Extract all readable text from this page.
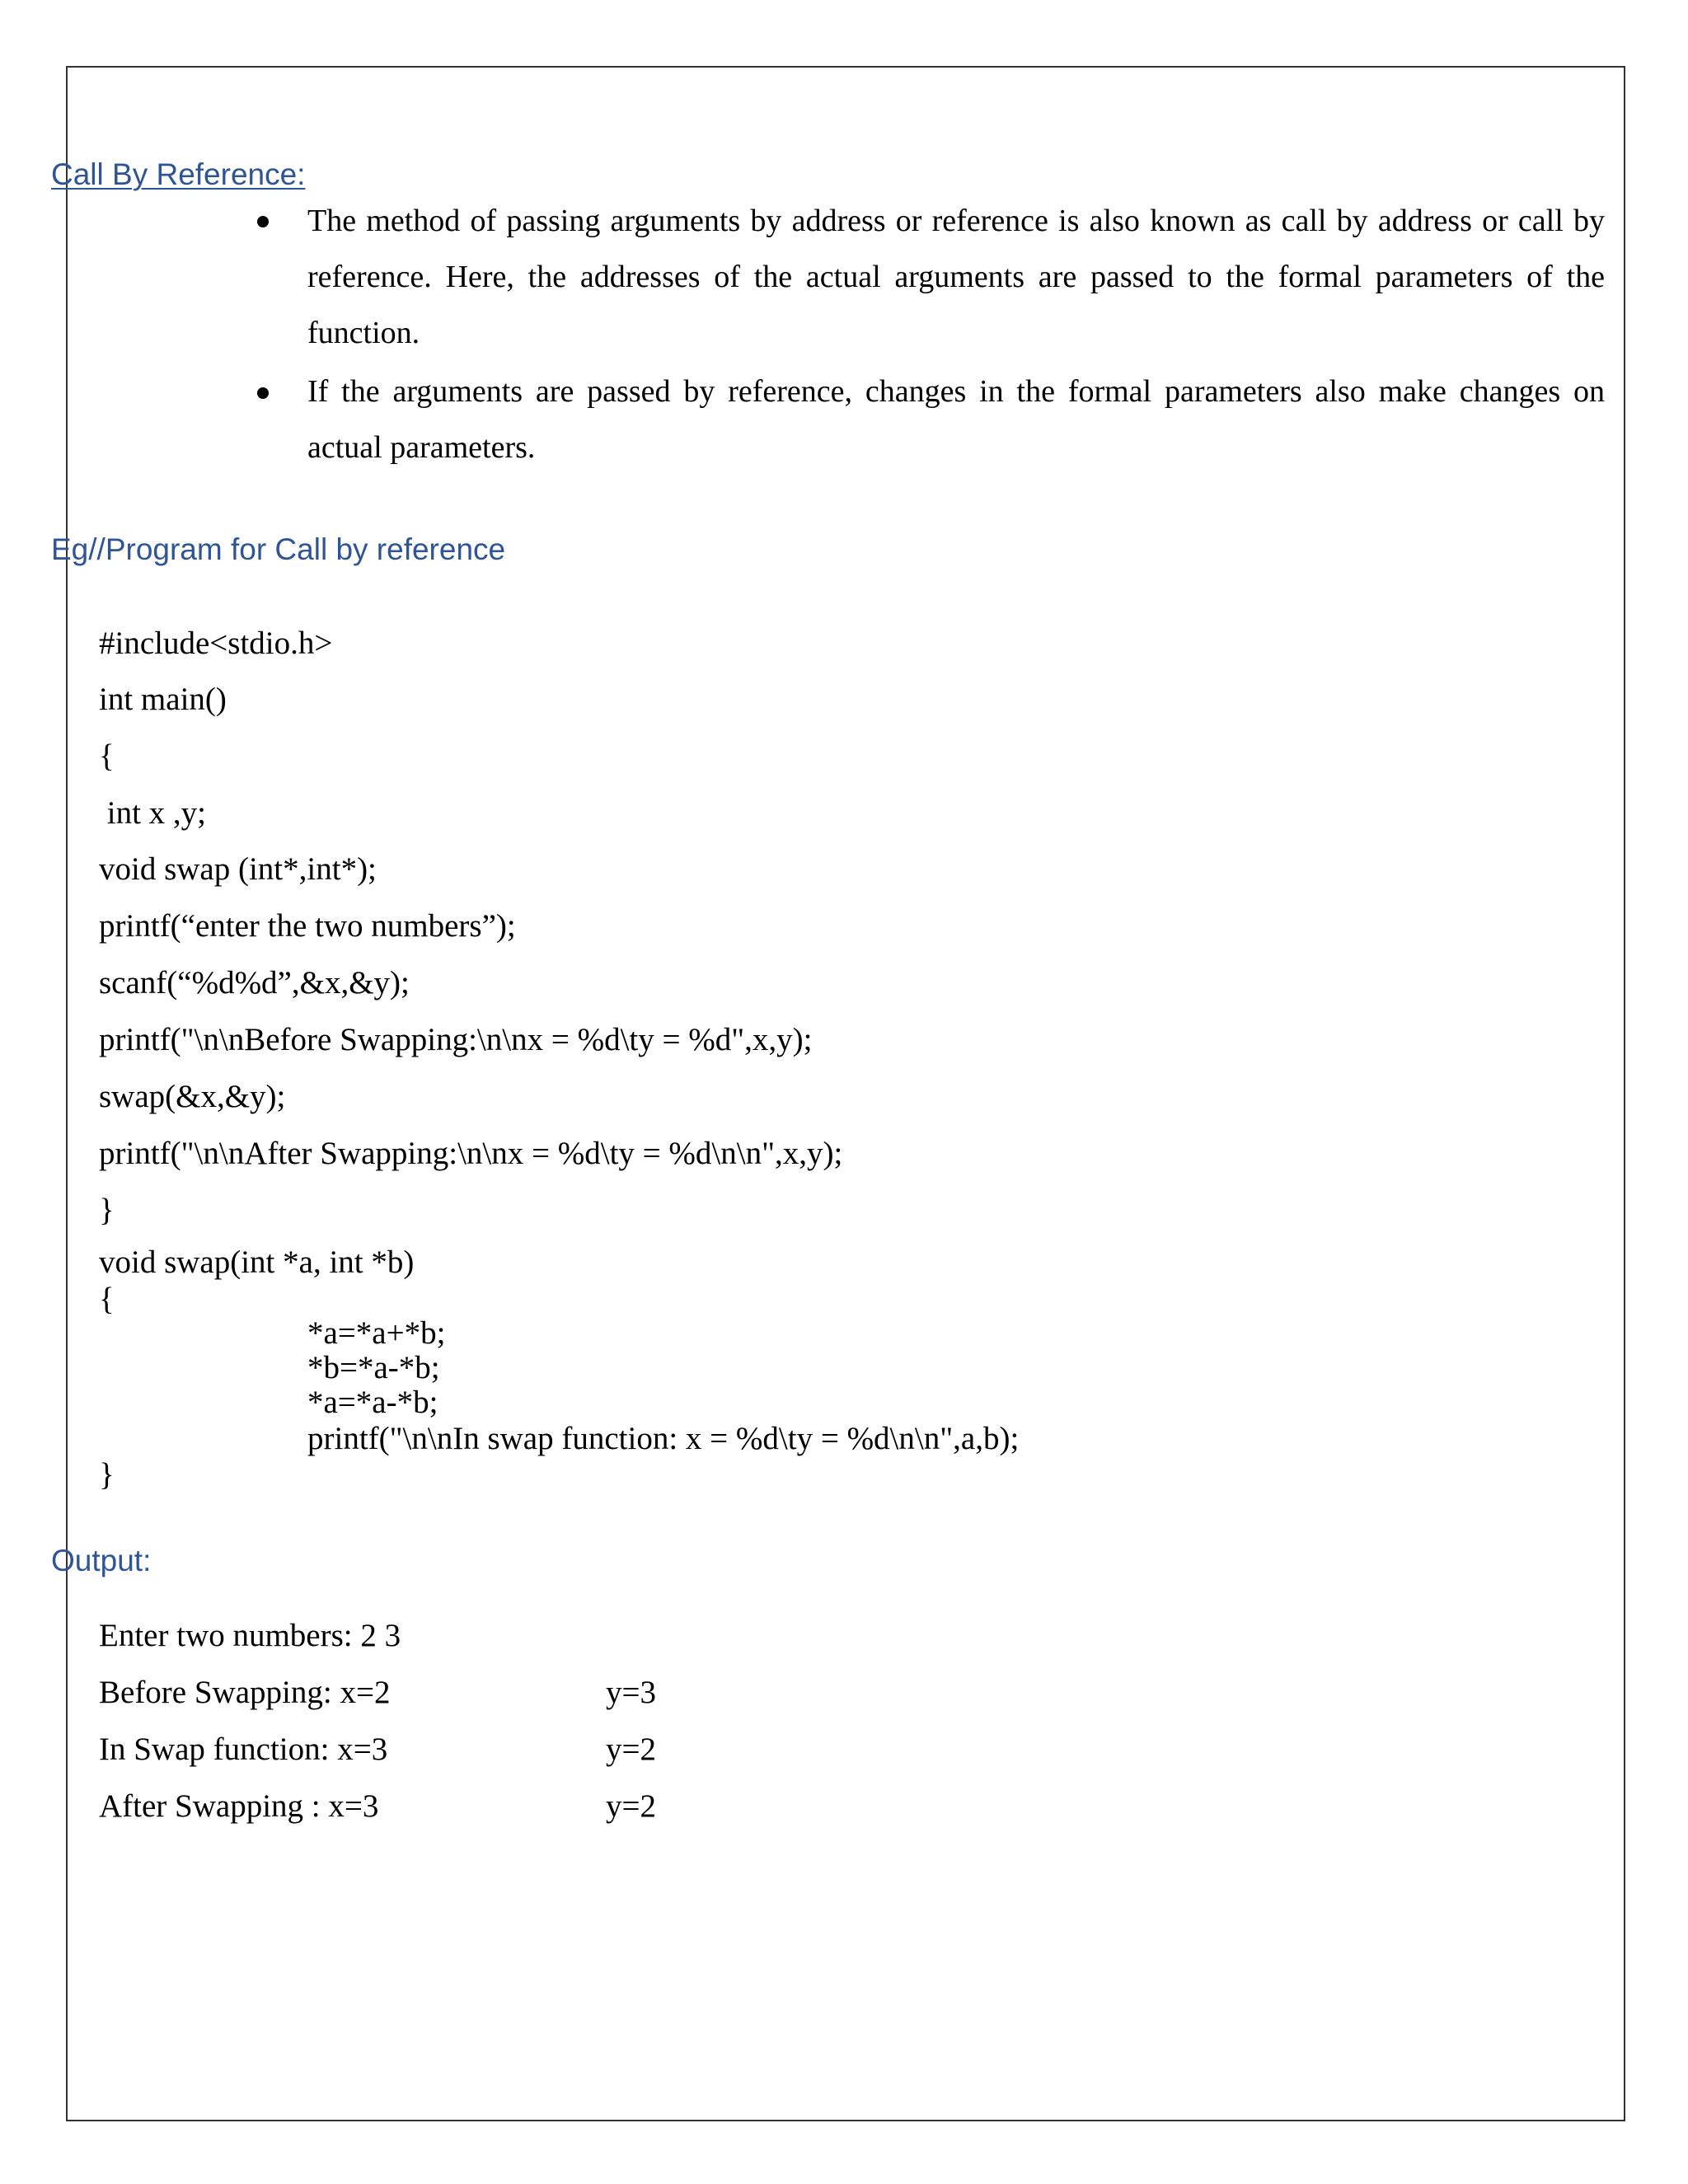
Call By Reference:
The method of passing arguments by address or reference is also known as call by address or call by reference. Here, the addresses of the actual arguments are passed to the formal parameters of the function.
If the arguments are passed by reference, changes in the formal parameters also make changes on actual parameters.
Eg//Program for Call by reference
#include<stdio.h>
int main()
{
int x ,y;
void swap (int*,int*);
printf(“enter the two numbers”);
scanf(“%d%d”,&x,&y);
printf("\n\nBefore Swapping:\n\nx = %d\ty = %d",x,y);
swap(&x,&y);
printf("\n\nAfter Swapping:\n\nx = %d\ty = %d\n\n",x,y);
}
void swap(int *a, int *b)
{
*a=*a+*b;
*b=*a-*b;
*a=*a-*b;
printf("\n\nIn swap function: x = %d\ty = %d\n\n",a,b);
}
Output:
Enter two numbers: 2 3
Before Swapping: x=2	y=3
In Swap function: x=3	y=2
After Swapping : x=3	y=2
